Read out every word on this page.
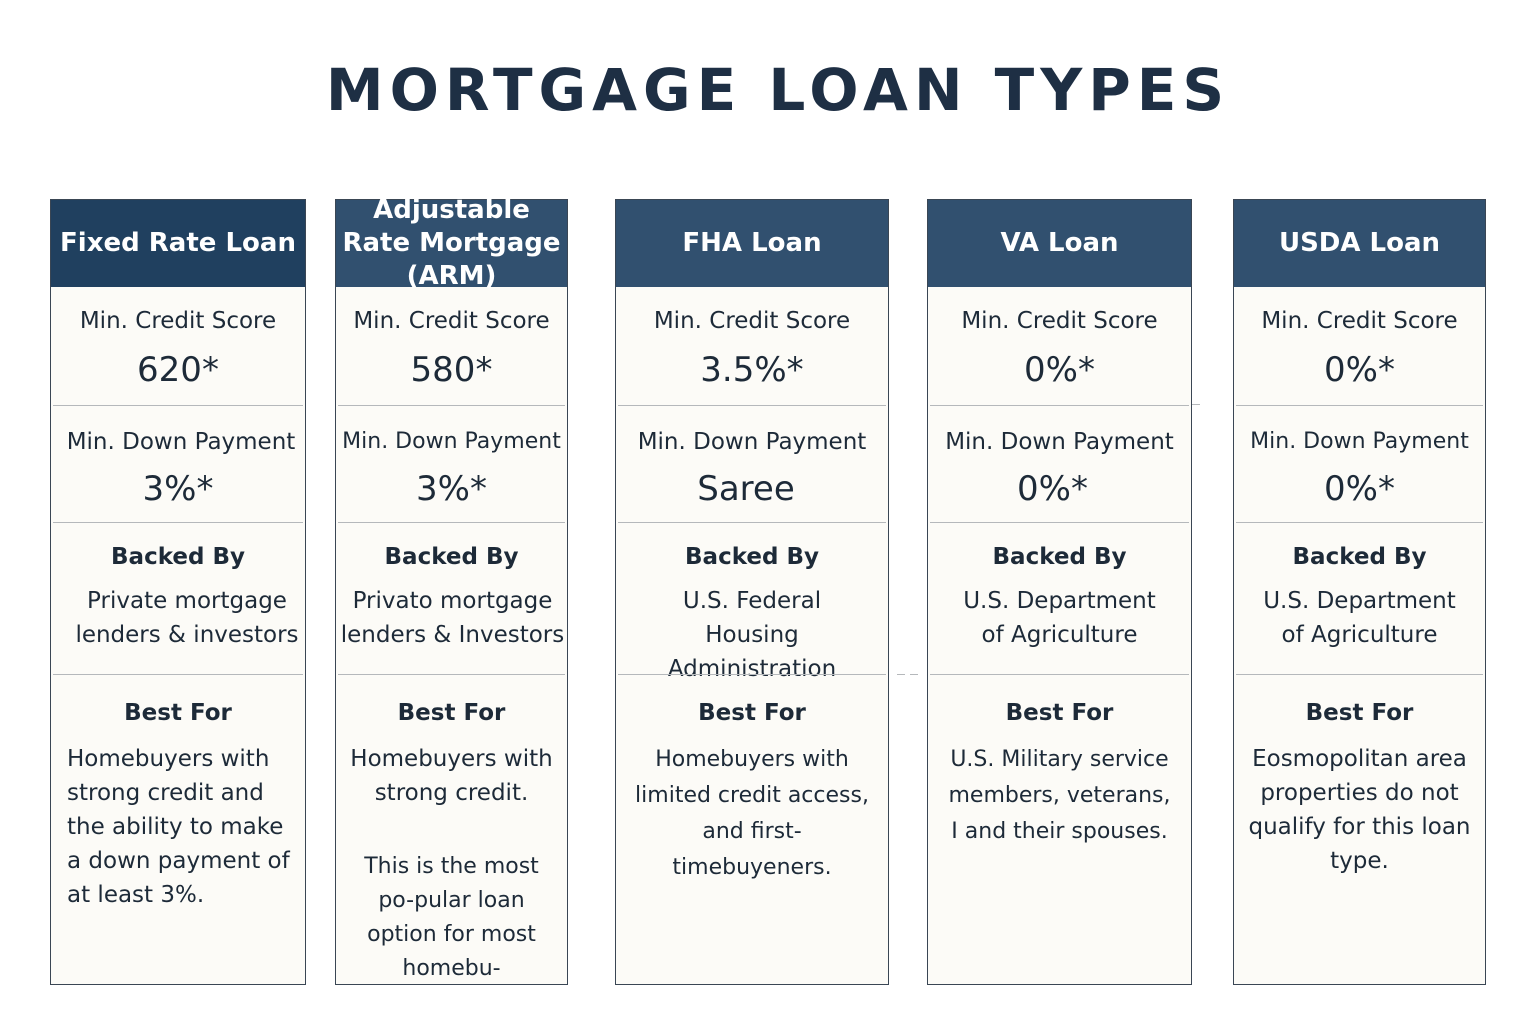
MORTGAGE LOAN TYPES
Fixed Rate Loan
Min. Credit Score
620*
Min. Down Payment
3%*
Backed By
Private mortgage lenders & investors
Best For
Homebuyers with strong credit and the ability to make a down payment of at least 3%.
Adjustable Rate Mortgage (ARM)
Min. Credit Score
580*
Min. Down Payment
3%*
Backed By
Privato mortgage lenders & Investors
Best For
Homebuyers with strong credit.
This is the most po-pular loan option for most homebu-
FHA Loan
Min. Credit Score
3.5%*
Min. Down Payment
Saree
Backed By
U.S. Federal Housing Administration
Best For
Homebuyers with limited credit access, and first-timebuyeners.
VA Loan
Min. Credit Score
0%*
Min. Down Payment
0%*
Backed By
U.S. Department of Agriculture
Best For
U.S. Military service members, veterans, I and their spouses.
USDA Loan
Min. Credit Score
0%*
Min. Down Payment
0%*
Backed By
U.S. Department of Agriculture
Best For
Eosmopolitan area properties do not qualify for this loan type.
